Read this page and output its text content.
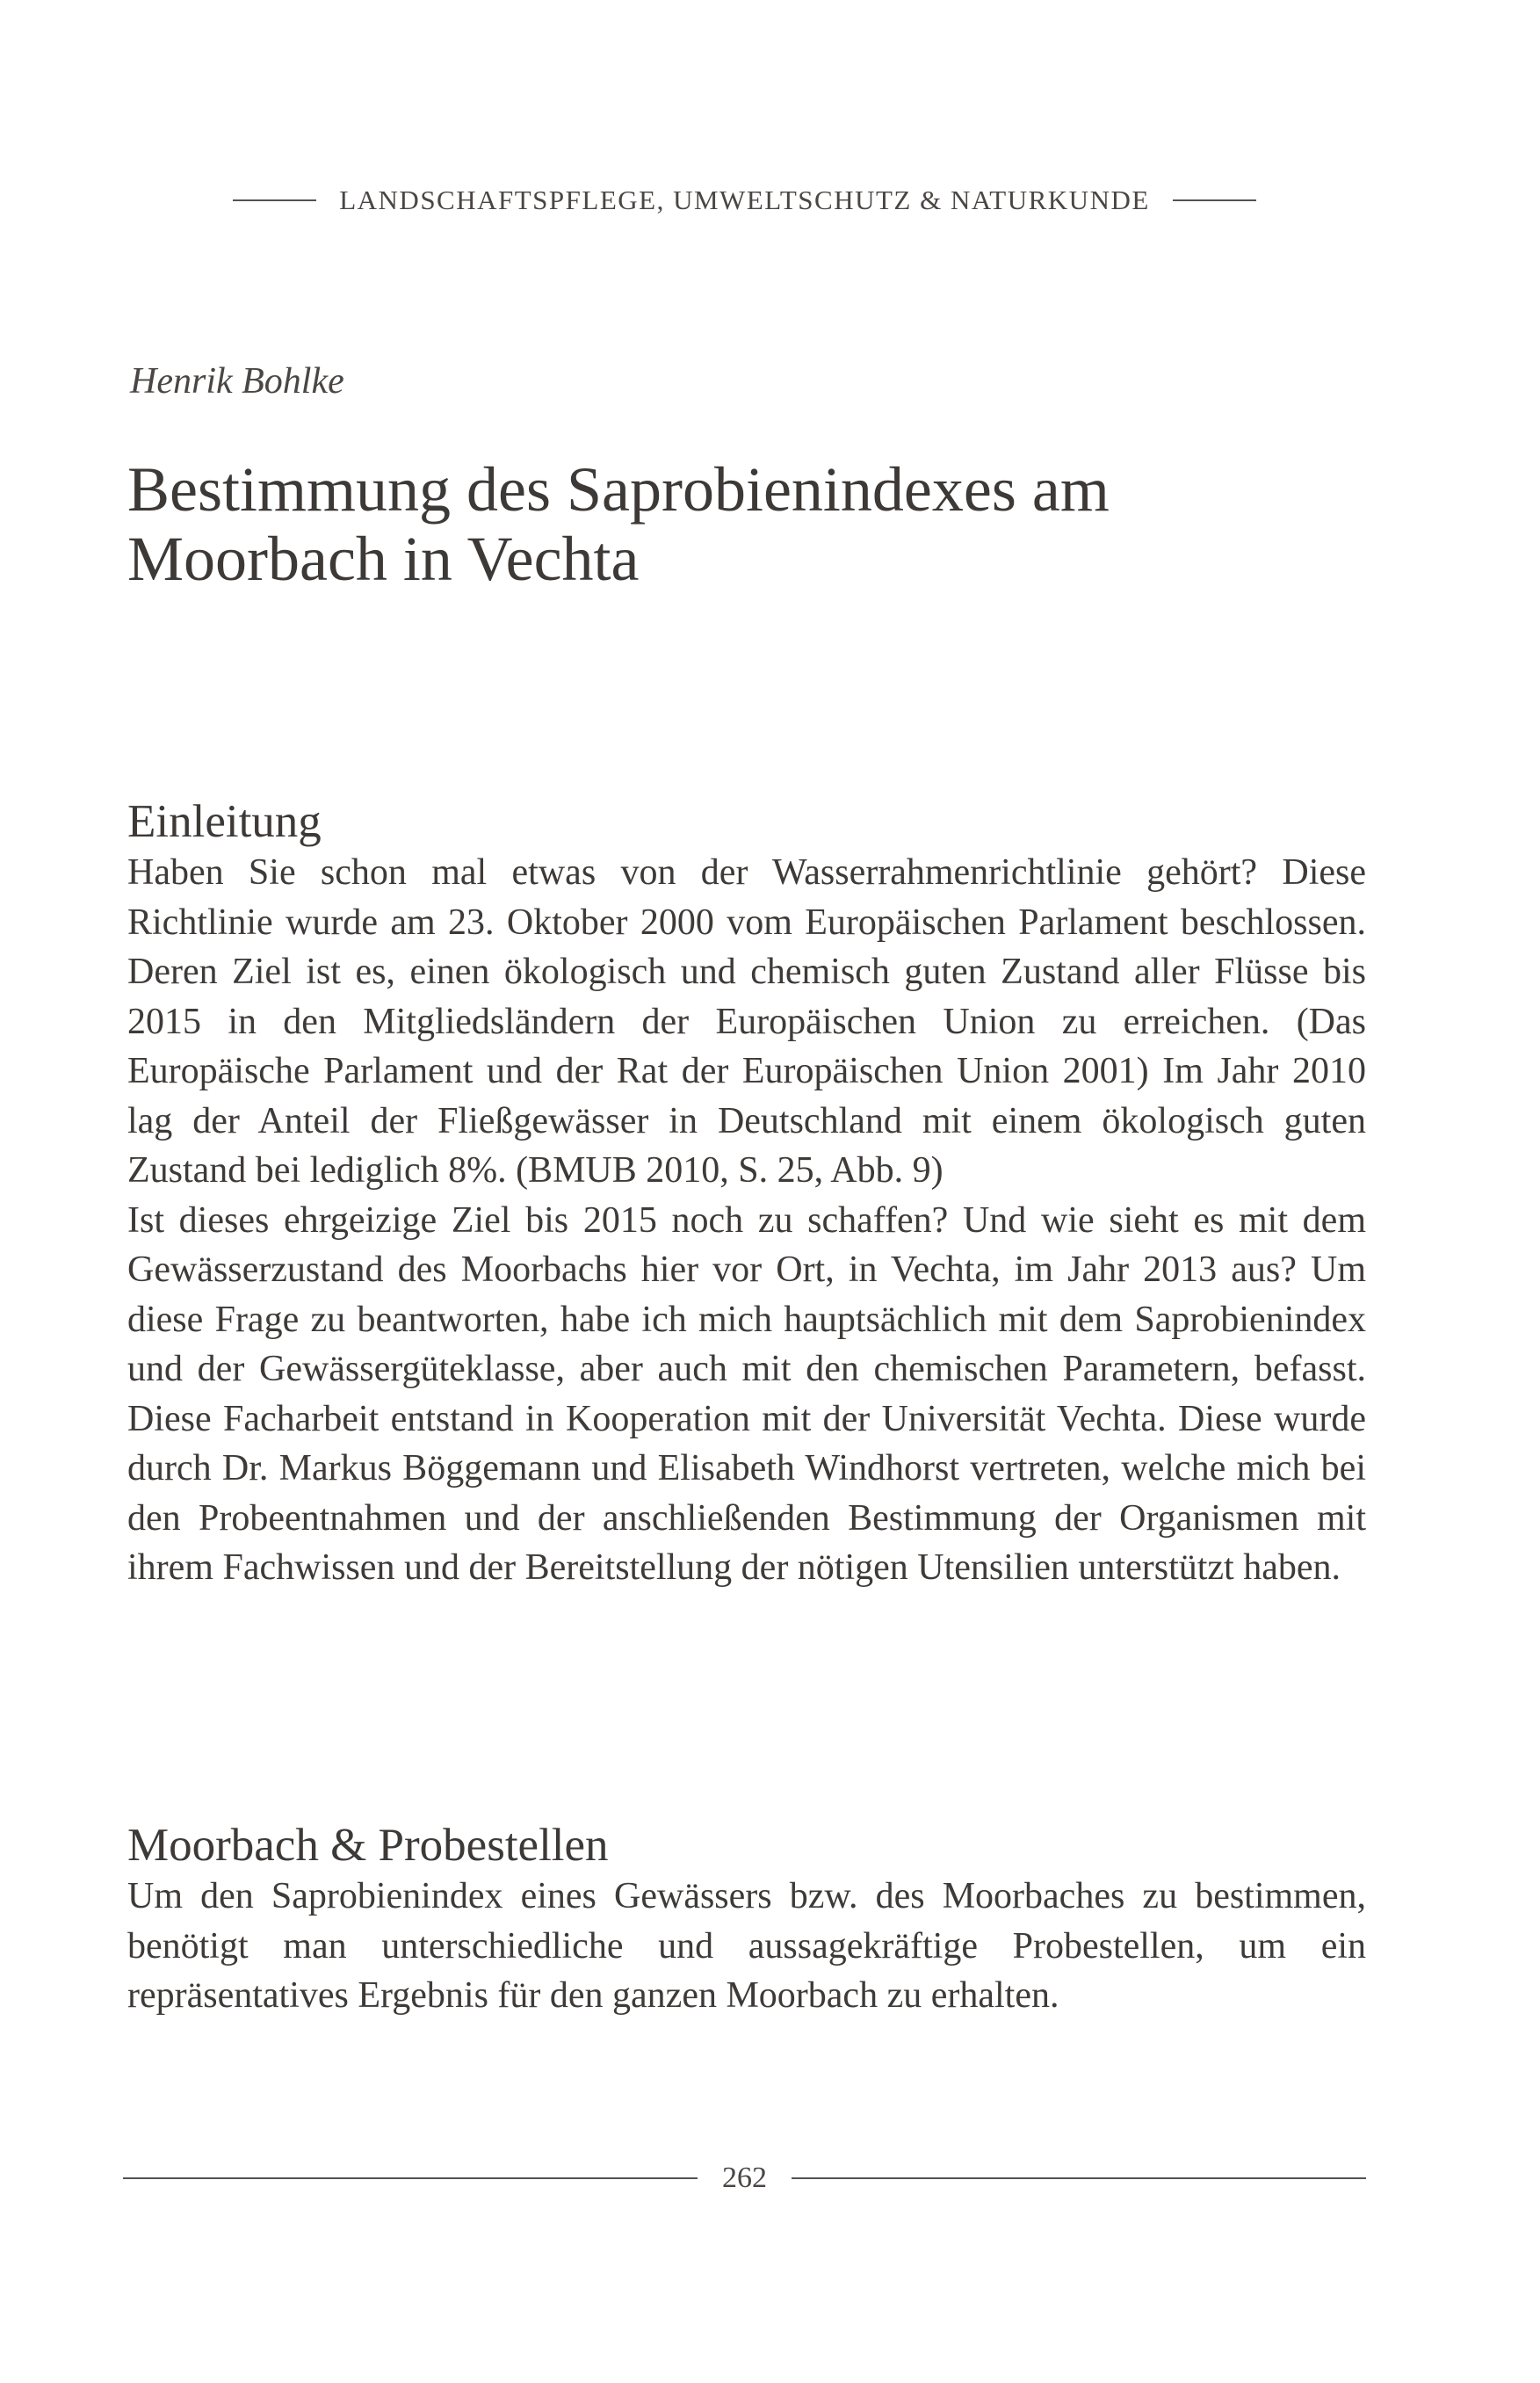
LANDSCHAFTSPFLEGE, UMWELTSCHUTZ & NATURKUNDE
Henrik Bohlke
Bestimmung des Saprobienindexes am Moorbach in Vechta
Einleitung

Haben Sie schon mal etwas von der Wasserrahmenrichtlinie gehört? Diese Richtlinie wurde am 23. Oktober 2000 vom Europäischen Parlament beschlossen. Deren Ziel ist es, einen ökologisch und chemisch guten Zustand aller Flüsse bis 2015 in den Mitgliedsländern der Europäischen Union zu erreichen. (Das Europäische Parlament und der Rat der Europäischen Union 2001) Im Jahr 2010 lag der Anteil der Fließgewässer in Deutschland mit einem ökologisch guten Zustand bei lediglich 8%. (BMUB 2010, S. 25, Abb. 9)

Ist dieses ehrgeizige Ziel bis 2015 noch zu schaffen? Und wie sieht es mit dem Gewässerzustand des Moorbachs hier vor Ort, in Vechta, im Jahr 2013 aus? Um diese Frage zu beantworten, habe ich mich hauptsächlich mit dem Saprobienindex und der Gewässergüteklasse, aber auch mit den chemischen Parametern, befasst. Diese Facharbeit entstand in Kooperation mit der Universität Vechta. Diese wurde durch Dr. Markus Böggemann und Elisabeth Windhorst vertreten, welche mich bei den Probeentnahmen und der anschließenden Bestimmung der Organismen mit ihrem Fachwissen und der Bereitstellung der nötigen Utensilien unterstützt haben.

Moorbach & Probestellen

Um den Saprobienindex eines Gewässers bzw. des Moorbaches zu bestimmen, benötigt man unterschiedliche und aussagekräftige Probestellen, um ein repräsentatives Ergebnis für den ganzen Moorbach zu erhalten.

262
